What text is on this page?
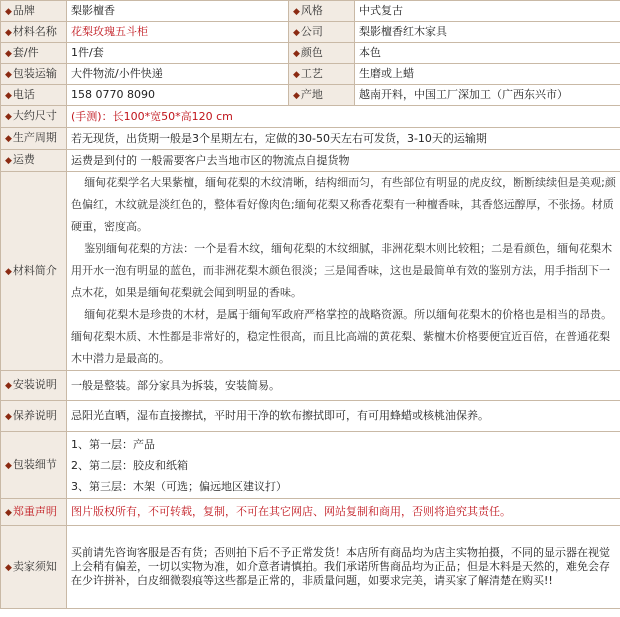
◆品牌	梨影檀香	◆风格	中式复古
◆材料名称	花梨玫瑰五斗柜	◆公司	梨影檀香红木家具
◆套/件	1件/套	◆颜色	本色
◆包装运输	大件物流/小件快递	◆工艺	生磨或上蜡
◆电话	158 0770 8090	◆产地	越南开料，中国工厂深加工（广西东兴市）
◆大约尺寸	(手测)：长100*宽50*高120 cm		
◆生产周期	若无现货，出货期一般是3个星期左右，定做的30-50天左右可发货，3-10天的运输期		
◆运费	运费是到付的 一般需要客户去当地市区的物流点自提货物		
◆材料简介	缅甸花梨学名大果紫檀，缅甸花梨的木纹清晰，结构细而匀，有些部位有明显的虎皮纹，断断续续但是美观;颜色偏红，木纹就是淡红色的，整体看好像肉色;缅甸花梨又称香花梨有一种檀香味，其香悠远醇厚，不张扬。材质硬重，密度高。

鉴别缅甸花梨的方法：一个是看木纹，缅甸花梨的木纹细腻，非洲花梨木则比较粗；二是看颜色，缅甸花梨木用开水一泡有明显的蓝色，而非洲花梨木颜色很淡；三是闻香味，这也是最简单有效的鉴别方法，用手指刮下一点木花，如果是缅甸花梨就会闻到明显的香味。

缅甸花梨木是珍贵的木材，是属于缅甸军政府严格掌控的战略资源。所以缅甸花梨木的价格也是相当的昂贵。缅甸花梨木质、木性都是非常好的，稳定性很高，而且比高端的黄花梨、紫檀木价格要便宜近百倍，在普通花梨木中潜力是最高的。		

◆安装说明	一般是整装。部分家具为拆装，安装简易。		
◆保养说明	忌阳光直晒，湿布直接擦拭，平时用干净的软布擦拭即可，有可用蜂蜡或核桃油保养。		
◆包装细节	1、第一层：产品
2、第二层：胶皮和纸箱
3、第三层：木架（可选；偏远地区建议打）		

◆郑重声明	图片版权所有，不可转载，复制，不可在其它网店、网站复制和商用，否则将追究其责任。		
◆卖家须知	买前请先咨询客服是否有货；否则拍下后不予正常发货！本店所有商品均为店主实物拍摄，不同的显示器在视觉上会稍有偏差，一切以实物为准，如介意者请慎拍。我们承诺所售商品均为正品；但是木料是天然的，难免会存在少许拼补，白皮细微裂痕等这些都是正常的，非质量问题，如要求完美，请买家了解清楚在购买!!		
